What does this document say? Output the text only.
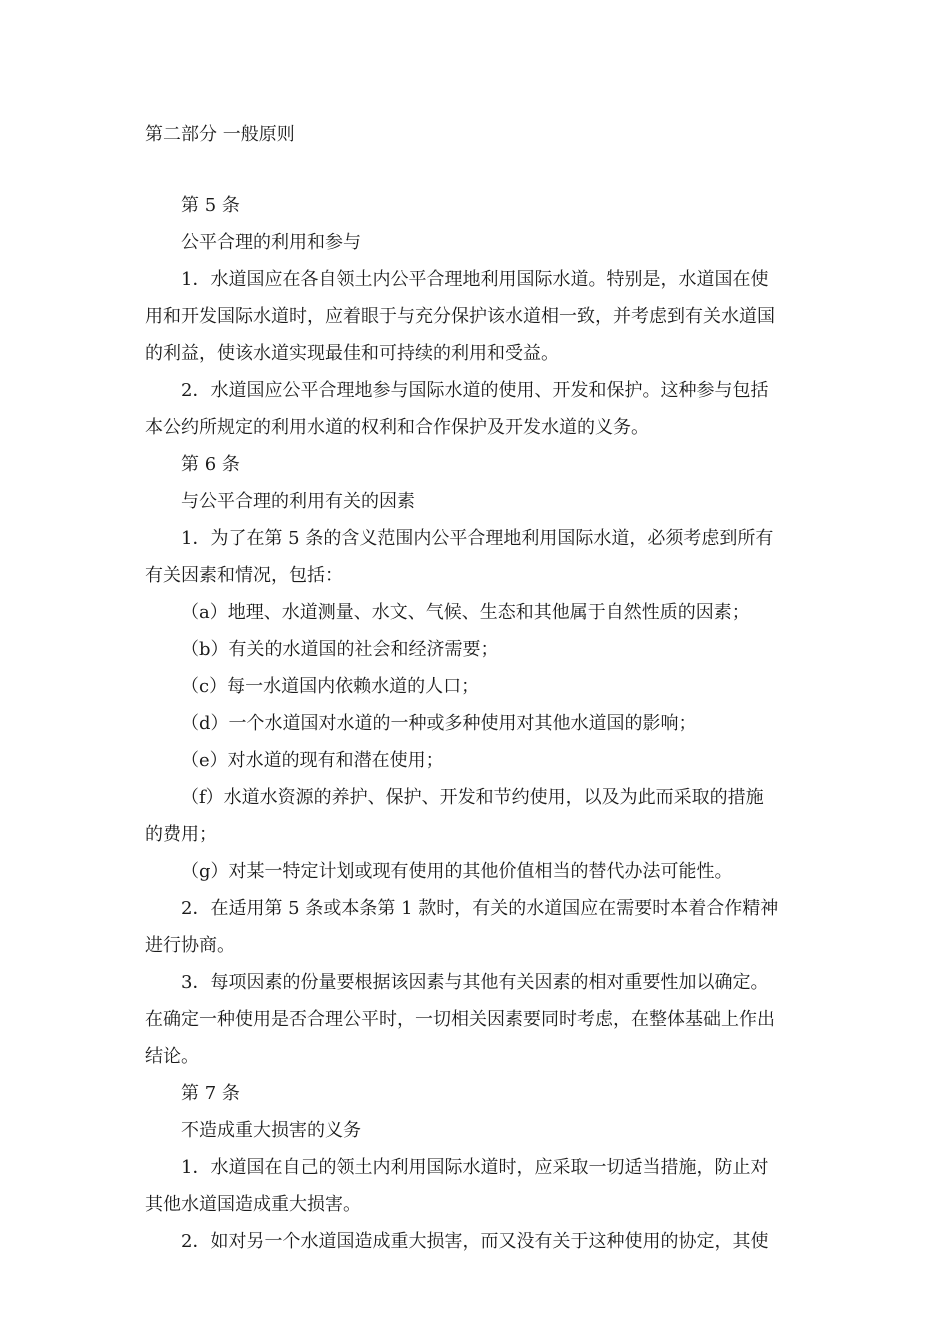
第二部分 一般原则
第 5 条
公平合理的利用和参与
1．水道国应在各自领土内公平合理地利用国际水道。特别是，水道国在使
用和开发国际水道时，应着眼于与充分保护该水道相一致，并考虑到有关水道国
的利益，使该水道实现最佳和可持续的利用和受益。
2．水道国应公平合理地参与国际水道的使用、开发和保护。这种参与包括
本公约所规定的利用水道的权利和合作保护及开发水道的义务。
第 6 条
与公平合理的利用有关的因素
1．为了在第 5 条的含义范围内公平合理地利用国际水道，必须考虑到所有
有关因素和情况，包括：
（a）地理、水道测量、水文、气候、生态和其他属于自然性质的因素；
（b）有关的水道国的社会和经济需要；
（c）每一水道国内依赖水道的人口；
（d）一个水道国对水道的一种或多种使用对其他水道国的影响；
（e）对水道的现有和潜在使用；
（f）水道水资源的养护、保护、开发和节约使用，以及为此而采取的措施
的费用；
（g）对某一特定计划或现有使用的其他价值相当的替代办法可能性。
2．在适用第 5 条或本条第 1 款时，有关的水道国应在需要时本着合作精神
进行协商。
3．每项因素的份量要根据该因素与其他有关因素的相对重要性加以确定。
在确定一种使用是否合理公平时，一切相关因素要同时考虑，在整体基础上作出
结论。
第 7 条
不造成重大损害的义务
1．水道国在自己的领土内利用国际水道时，应采取一切适当措施，防止对
其他水道国造成重大损害。
2．如对另一个水道国造成重大损害，而又没有关于这种使用的协定，其使
